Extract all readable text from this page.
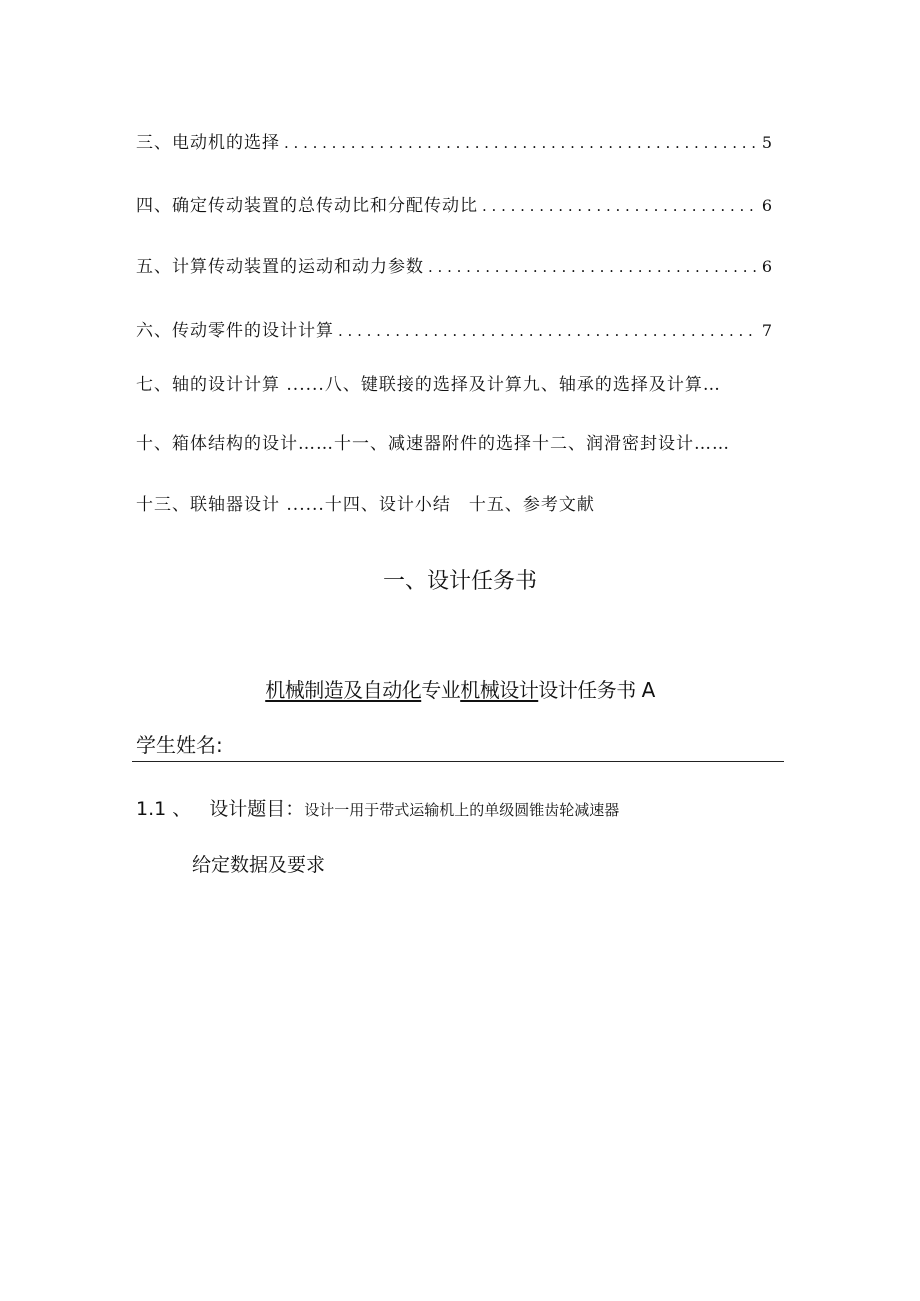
三、电动机的选择 . . .	5
四、确定传动装置的总传动比和分配传动比 . . .	6
五、计算传动装置的运动和动力参数 . . .	6
六、传动零件的设计计算 . . .	7
七、轴的设计计算 ......八、键联接的选择及计算九、轴承的选择及计算…
十、箱体结构的设计……十一、减速器附件的选择十二、润滑密封设计……
十三、联轴器设计 ......十四、设计小结　十五、参考文献
一、设计任务书
机械制造及自动化专业机械设计设计任务书 A
学生姓名:
1.1 、 设计题目： 设计一用于带式运输机上的单级圆锥齿轮减速器
给定数据及要求
